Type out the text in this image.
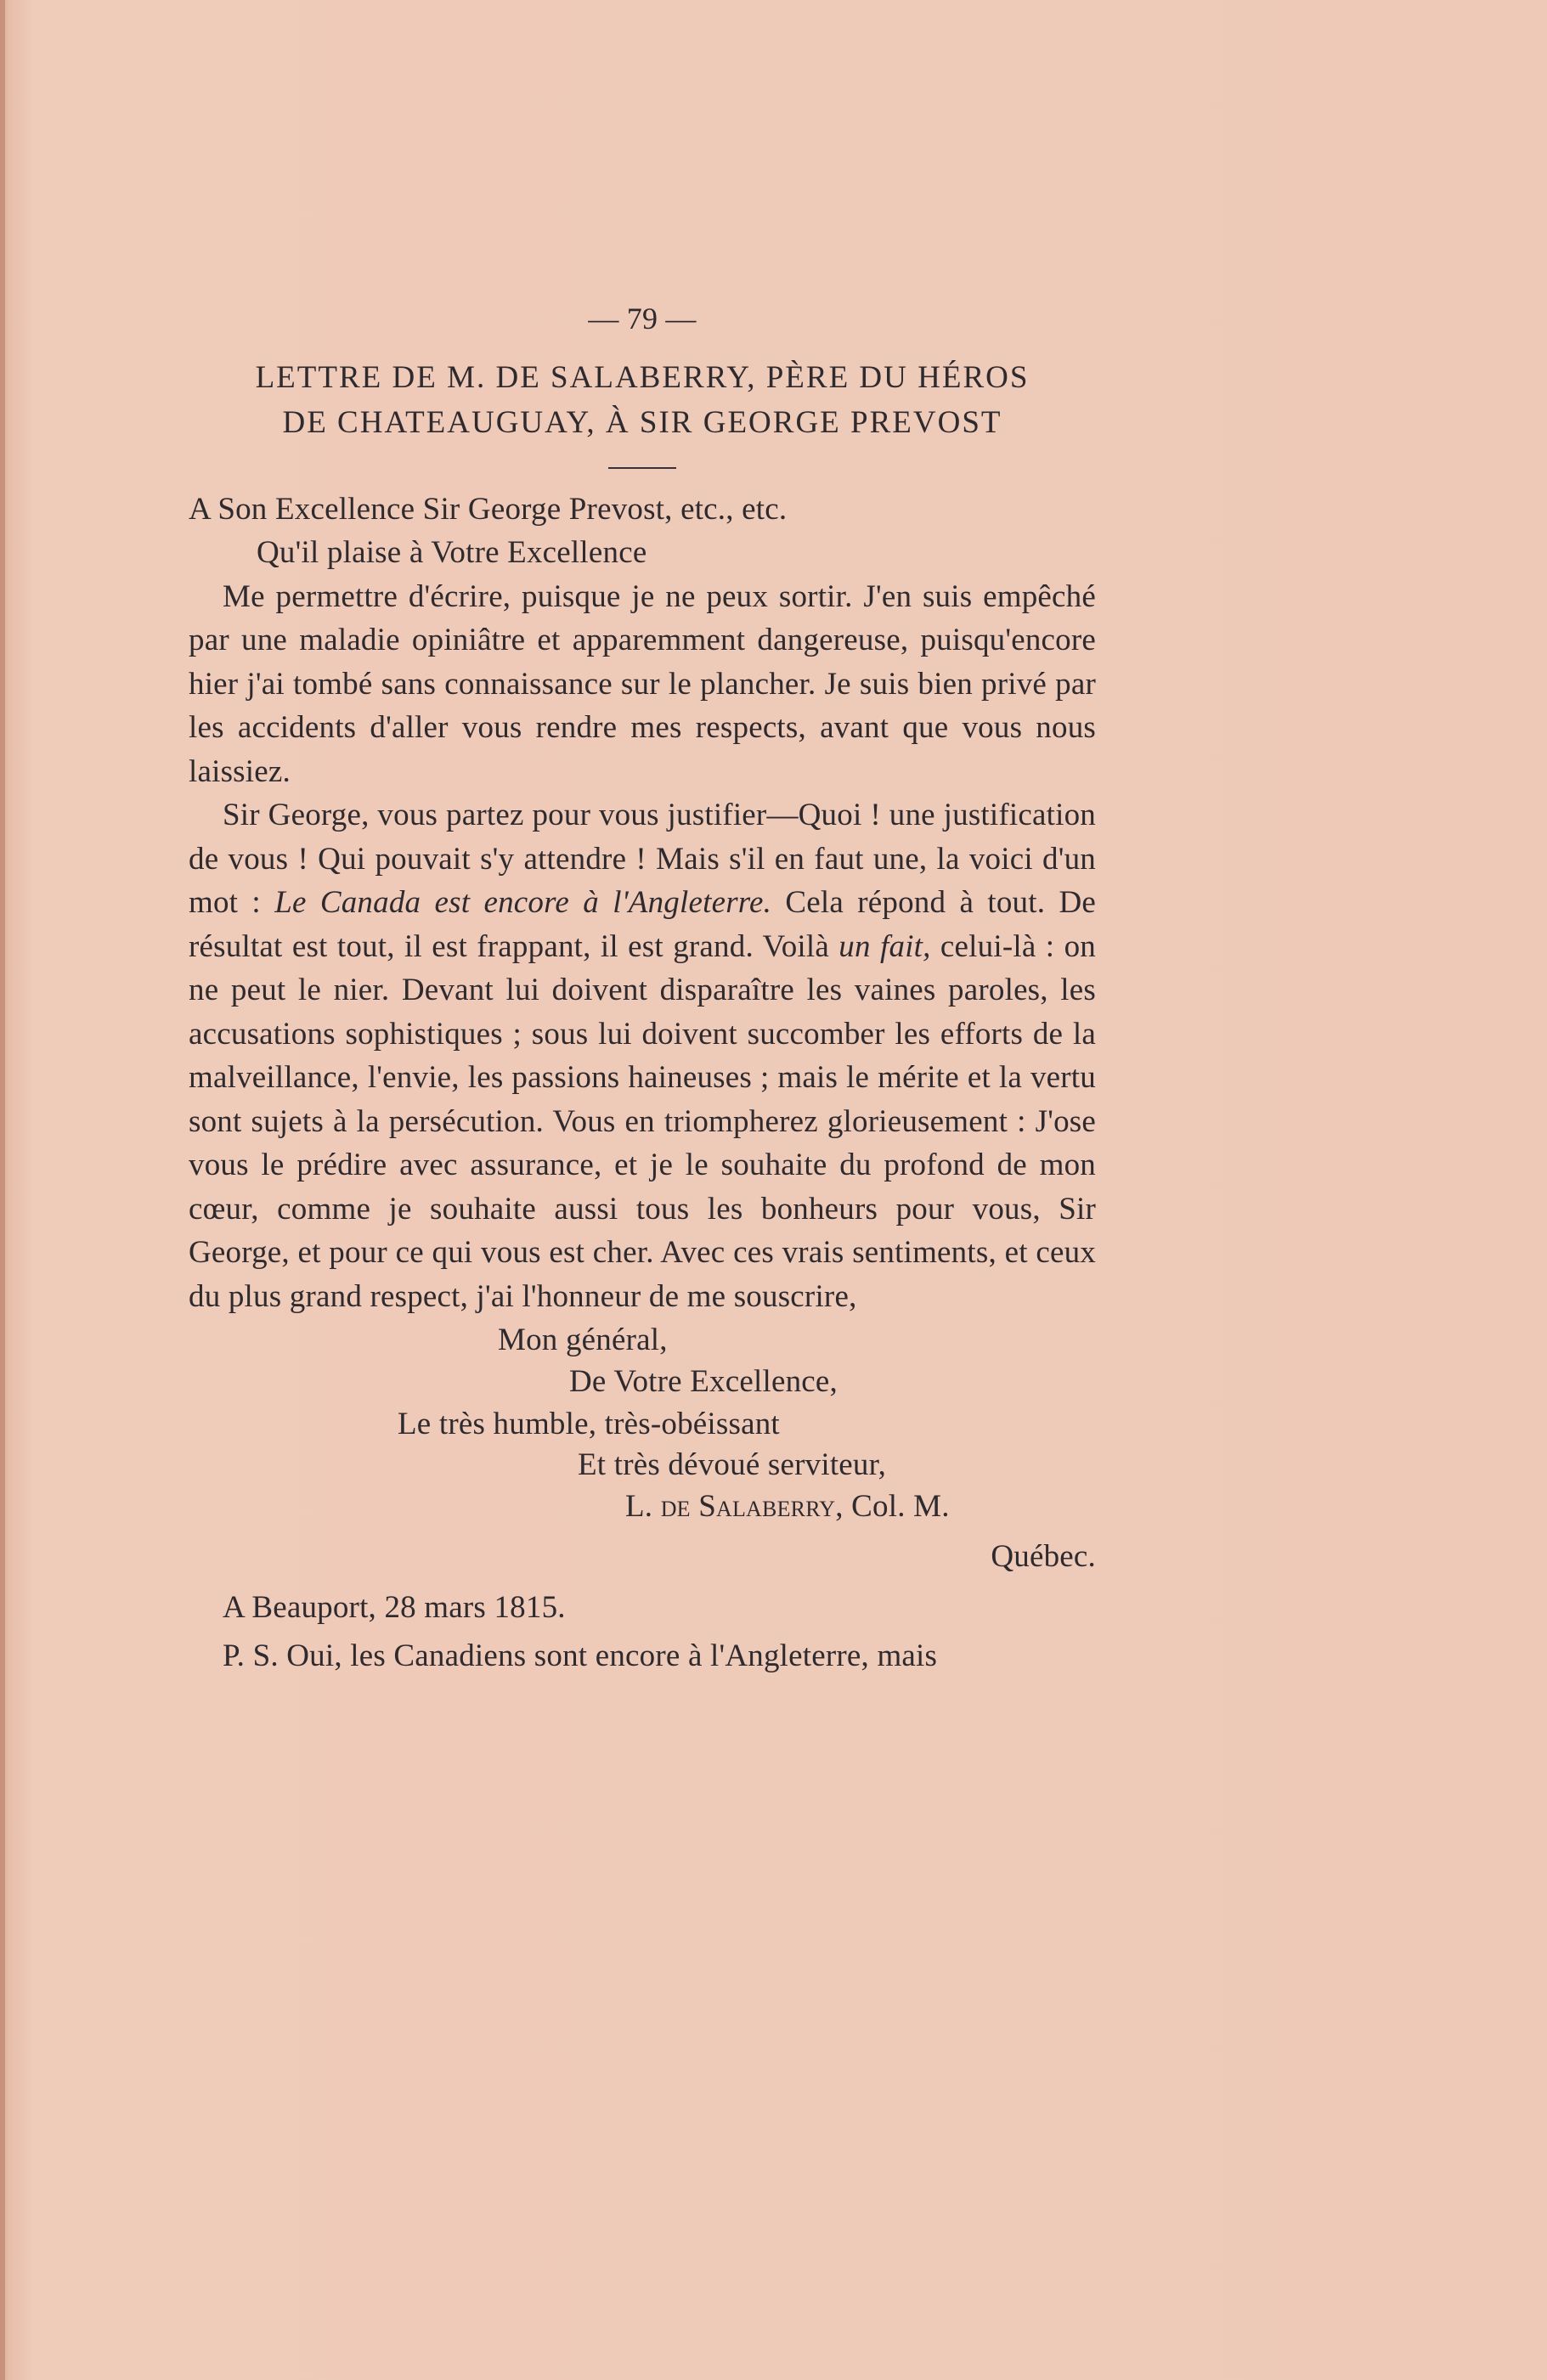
— 79 —
LETTRE DE M. DE SALABERRY, PÈRE DU HÉROS
DE CHATEAUGUAY, À SIR GEORGE PREVOST

A Son Excellence Sir George Prevost, etc., etc.

Qu'il plaise à Votre Excellence

Me permettre d'écrire, puisque je ne peux sortir. J'en suis empêché par une maladie opiniâtre et apparemment dangereuse, puisqu'encore hier j'ai tombé sans connaissance sur le plancher. Je suis bien privé par les accidents d'aller vous rendre mes respects, avant que vous nous laissiez.

Sir George, vous partez pour vous justifier—Quoi ! une justification de vous ! Qui pouvait s'y attendre ! Mais s'il en faut une, la voici d'un mot : Le Canada est encore à l'Angleterre. Cela répond à tout. De résultat est tout, il est frappant, il est grand. Voilà un fait, celui-là : on ne peut le nier. Devant lui doivent disparaître les vaines paroles, les accusations sophistiques ; sous lui doivent succomber les efforts de la malveillance, l'envie, les passions haineuses ; mais le mérite et la vertu sont sujets à la persécution. Vous en triompherez glorieusement : J'ose vous le prédire avec assurance, et je le souhaite du profond de mon cœur, comme je souhaite aussi tous les bonheurs pour vous, Sir George, et pour ce qui vous est cher. Avec ces vrais sentiments, et ceux du plus grand respect, j'ai l'honneur de me souscrire,

Mon général,
De Votre Excellence,
Le très humble, très-obéissant
Et très dévoué serviteur,
L. de Salaberry, Col. M.

Québec.

A Beauport, 28 mars 1815.

P. S. Oui, les Canadiens sont encore à l'Angleterre, mais
